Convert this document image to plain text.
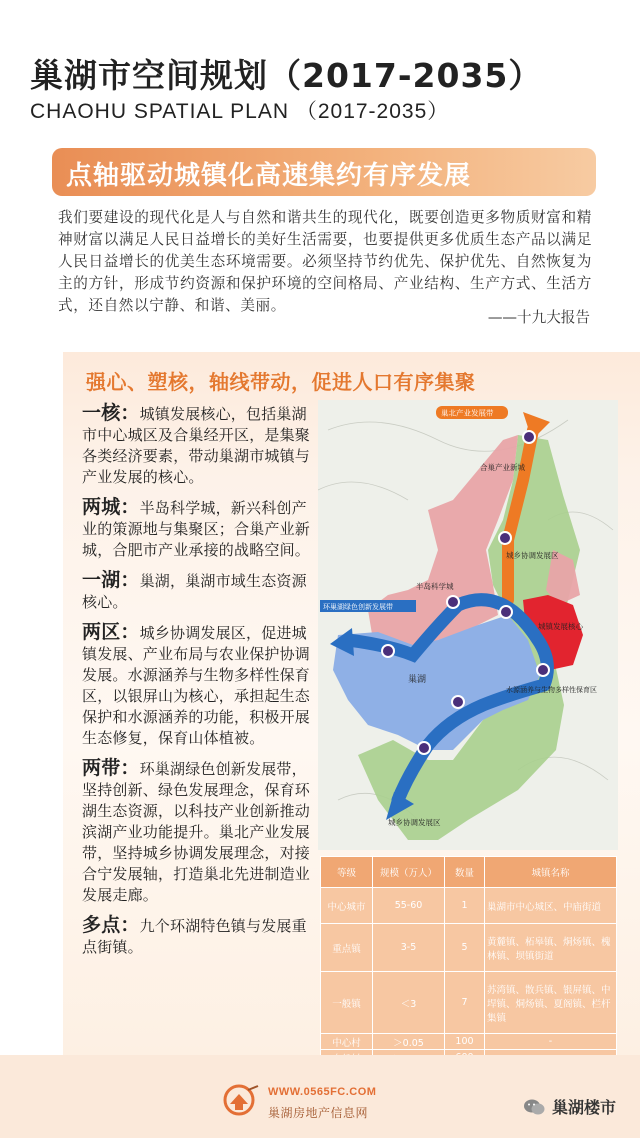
巢湖市空间规划（2017-2035）
CHAOHU SPATIAL PLAN （2017-2035）
点轴驱动城镇化高速集约有序发展
我们要建设的现代化是人与自然和谐共生的现代化，既要创造更多物质财富和精神财富以满足人民日益增长的美好生活需要，也要提供更多优质生态产品以满足人民日益增长的优美生态环境需要。必须坚持节约优先、保护优先、自然恢复为主的方针，形成节约资源和保护环境的空间格局、产业结构、生产方式、生活方式，还自然以宁静、和谐、美丽。
——十九大报告
强心、塑核，轴线带动，促进人口有序集聚
一核：城镇发展核心，包括巢湖市中心城区及合巢经开区，是集聚各类经济要素，带动巢湖市城镇与产业发展的核心。
两城：半岛科学城，新兴科创产业的策源地与集聚区；合巢产业新城，合肥市产业承接的战略空间。
一湖：巢湖，巢湖市域生态资源核心。
两区：城乡协调发展区，促进城镇发展、产业布局与农业保护协调发展。水源涵养与生物多样性保育区，以银屏山为核心，承担起生态保护和水源涵养的功能，积极开展生态修复，保育山体植被。
两带：环巢湖绿色创新发展带，坚持创新、绿色发展理念，保育环湖生态资源，以科技产业创新推动滨湖产业功能提升。巢北产业发展带，坚持城乡协调发展理念，对接合宁发展轴，打造巢北先进制造业发展走廊。
多点：九个环湖特色镇与发展重点街镇。
巢北产业发展带
合巢产业新城
城乡协调发展区
半岛科学城
环巢湖绿色创新发展带
城镇发展核心
巢湖
水源涵养与生物多样性保育区
城乡协调发展区
等级	规模（万人）	数量	城镇名称
中心城市	55-60	1	巢湖市中心城区、中庙街道
重点镇	3-5	5	黄麓镇、柘皋镇、烔炀镇、槐林镇、坝镇街道
一般镇	＜3	7	苏湾镇、散兵镇、银屏镇、中垾镇、烔炀镇、夏阁镇、栏杆集镇
中心村	＞0.05	100	-

WWW.0565FC.COM
巢湖房地产信息网	巢湖楼市
